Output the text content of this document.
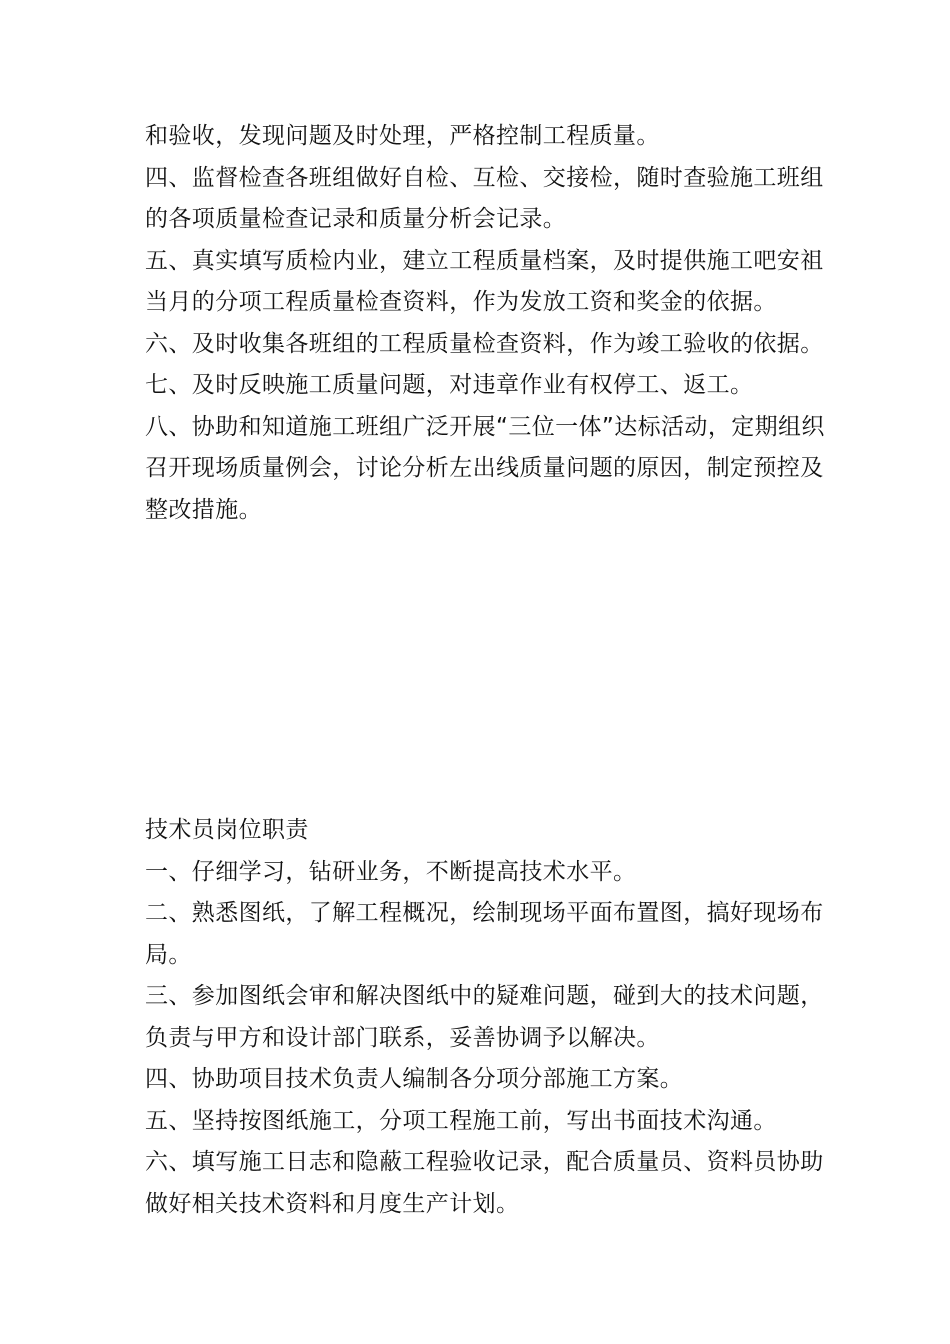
和验收，发现问题及时处理，严格控制工程质量。

四、监督检查各班组做好自检、互检、交接检，随时查验施工班组的各项质量检查记录和质量分析会记录。

五、真实填写质检内业，建立工程质量档案，及时提供施工吧安祖当月的分项工程质量检查资料，作为发放工资和奖金的依据。

六、及时收集各班组的工程质量检查资料，作为竣工验收的依据。

七、及时反映施工质量问题，对违章作业有权停工、返工。

八、协助和知道施工班组广泛开展“三位一体”达标活动，定期组织召开现场质量例会，讨论分析左出线质量问题的原因，制定预控及整改措施。

技术员岗位职责

一、仔细学习，钻研业务，不断提高技术水平。

二、熟悉图纸，了解工程概况，绘制现场平面布置图，搞好现场布局。

三、参加图纸会审和解决图纸中的疑难问题，碰到大的技术问题，负责与甲方和设计部门联系，妥善协调予以解决。

四、协助项目技术负责人编制各分项分部施工方案。

五、坚持按图纸施工，分项工程施工前，写出书面技术沟通。

六、填写施工日志和隐蔽工程验收记录，配合质量员、资料员协助做好相关技术资料和月度生产计划。
